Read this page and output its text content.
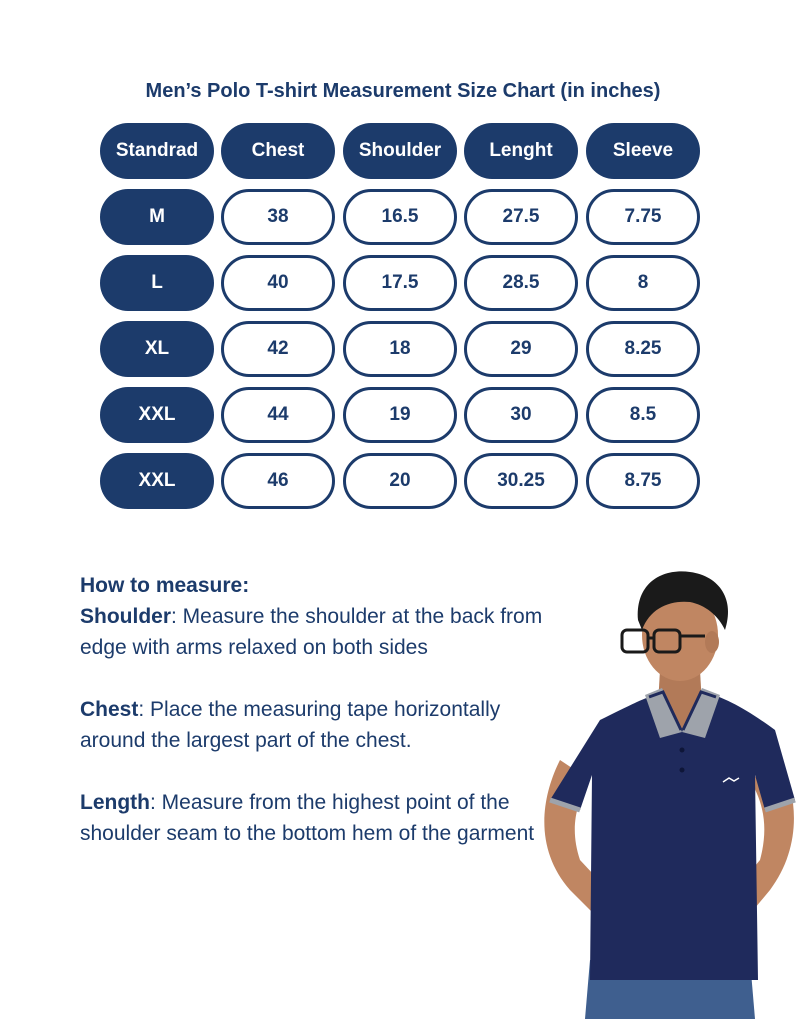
Men’s Polo T-shirt Measurement Size Chart (in inches)
Standrad	Chest	Shoulder	Lenght	Sleeve
M	38	16.5	27.5	7.75
L	40	17.5	28.5	8
XL	42	18	29	8.25
XXL	44	19	30	8.5
XXL	46	20	30.25	8.75

How to measure:

Shoulder: Measure the shoulder at the back from edge with arms relaxed on both sides

Chest: Place the measuring tape horizontally around the largest part of the chest.

Length: Measure from the highest point of the shoulder seam to the bottom hem of the garment
